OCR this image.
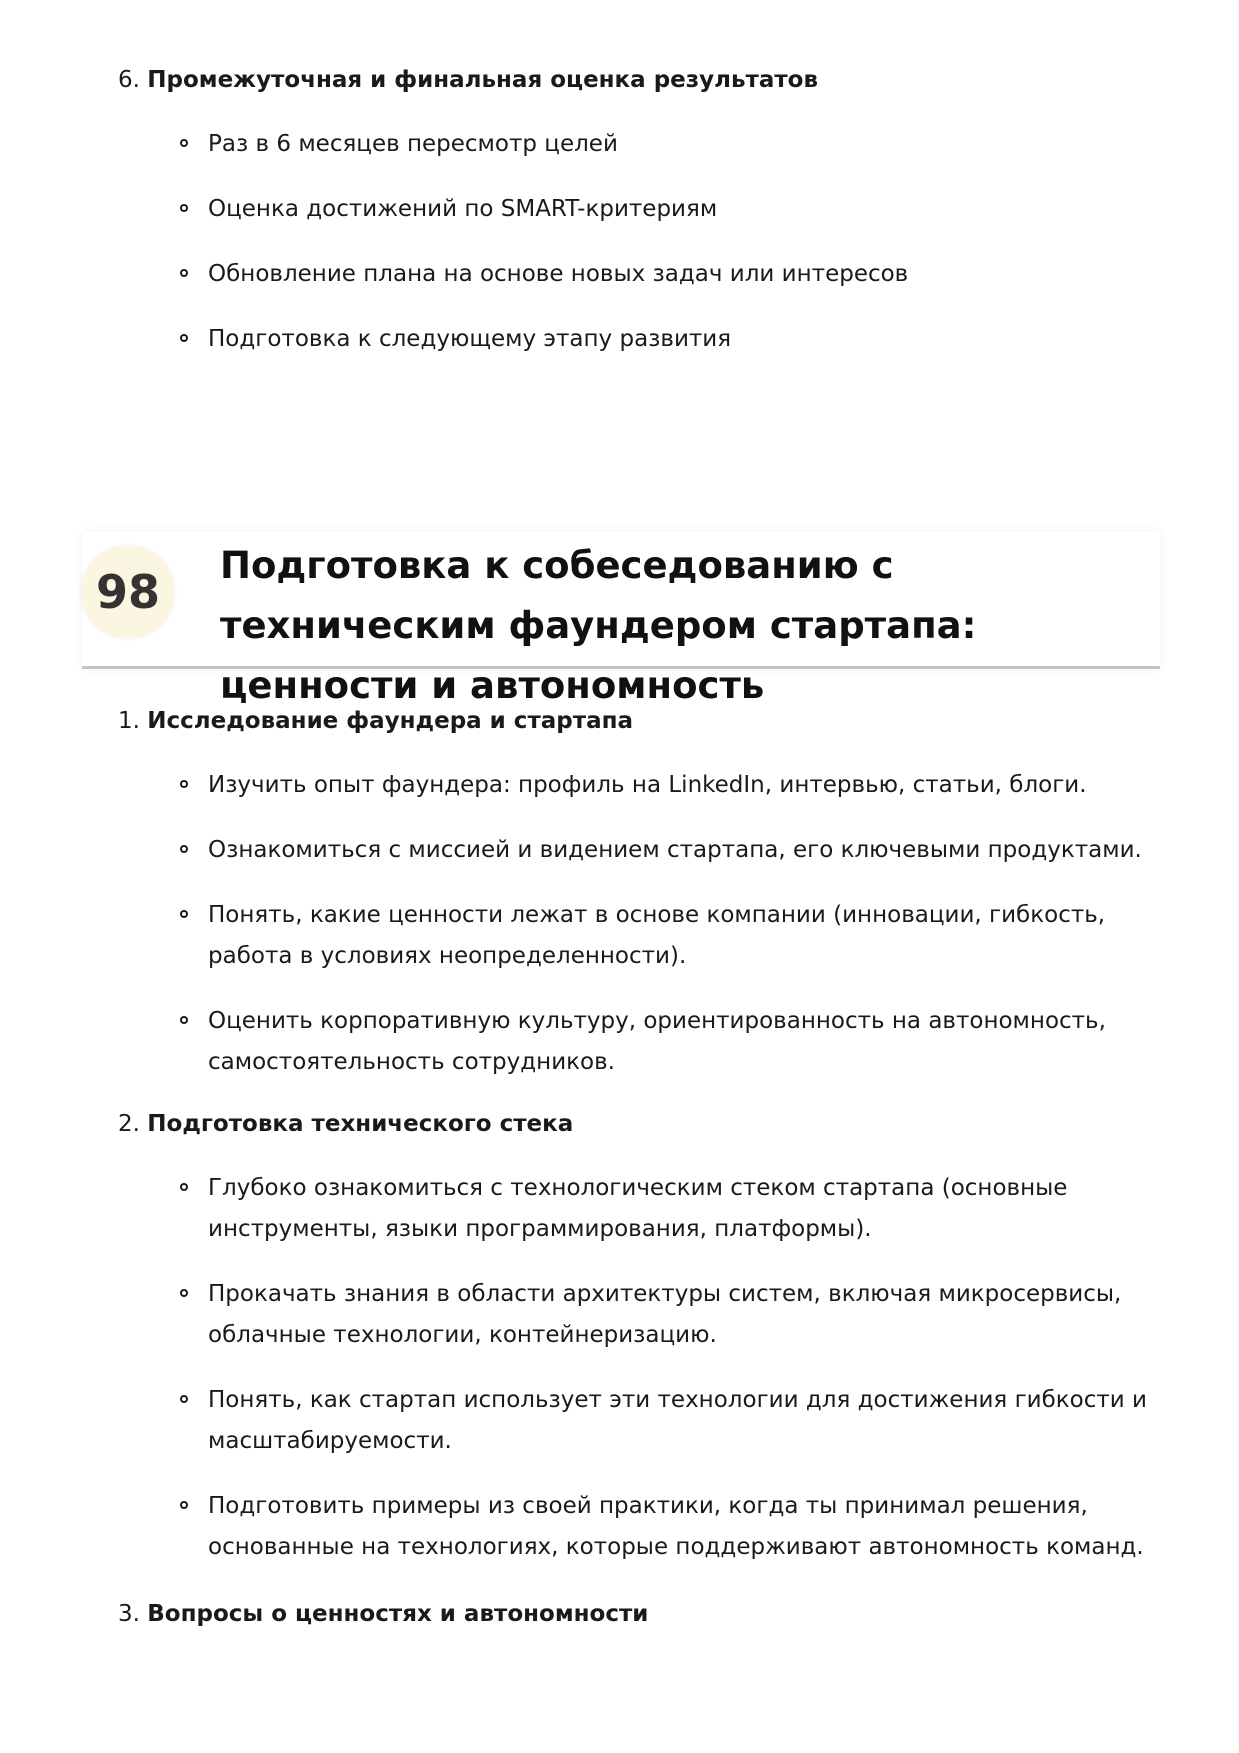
6. Промежуточная и финальная оценка результатов
Раз в 6 месяцев пересмотр целей
Оценка достижений по SMART-критериям
Обновление плана на основе новых задач или интересов
Подготовка к следующему этапу развития
98	Подготовка к собеседованию с техническим фаундером стартапа: ценности и автономность
1. Исследование фаундера и стартапа
Изучить опыт фаундера: профиль на LinkedIn, интервью, статьи, блоги.
Ознакомиться с миссией и видением стартапа, его ключевыми продуктами.
Понять, какие ценности лежат в основе компании (инновации, гибкость, работа в условиях неопределенности).
Оценить корпоративную культуру, ориентированность на автономность, самостоятельность сотрудников.
2. Подготовка технического стека
Глубоко ознакомиться с технологическим стеком стартапа (основные инструменты, языки программирования, платформы).
Прокачать знания в области архитектуры систем, включая микросервисы, облачные технологии, контейнеризацию.
Понять, как стартап использует эти технологии для достижения гибкости и масштабируемости.
Подготовить примеры из своей практики, когда ты принимал решения, основанные на технологиях, которые поддерживают автономность команд.
3. Вопросы о ценностях и автономности
